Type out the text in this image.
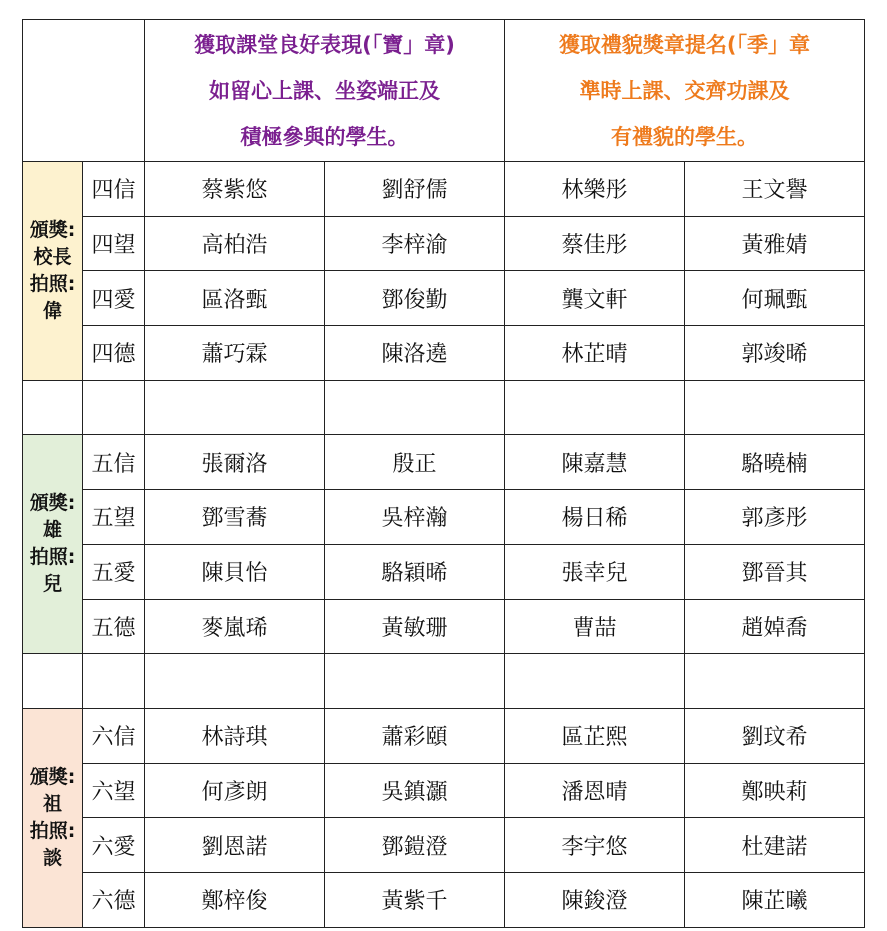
		獲取課堂良好表現(「寶」章)
如留心上課、坐姿端正及
積極參與的學生。		獲取禮貌獎章提名(「季」章
準時上課、交齊功課及
有禮貌的學生。	

頒獎:
校長
拍照:
偉	四信	蔡紫悠	劉舒儒	林樂彤	王文譽
	四望	高柏浩	李梓渝	蔡佳彤	黃雅婧
	四愛	區洛甄	鄧俊勤	龔文軒	何珮甄
	四德	蕭巧霖	陳洛遶	林芷晴	郭竣晞

頒獎:
雄
拍照:
兒	五信	張爾洛	殷正	陳嘉慧	駱曉楠
	五望	鄧雪蕎	吳梓瀚	楊日稀	郭彥彤
	五愛	陳貝怡	駱穎晞	張幸兒	鄧晉其
	五德	麥嵐琋	黃敏珊	曹喆	趙婥喬

頒獎:
祖
拍照:
談	六信	林詩琪	蕭彩頤	區芷熙	劉玟希
	六望	何彥朗	吳鎮灝	潘恩晴	鄭映莉
	六愛	劉恩諾	鄧鎧澄	李宇悠	杜建諾
	六德	鄭梓俊	黃紫千	陳鋑澄	陳芷曦
